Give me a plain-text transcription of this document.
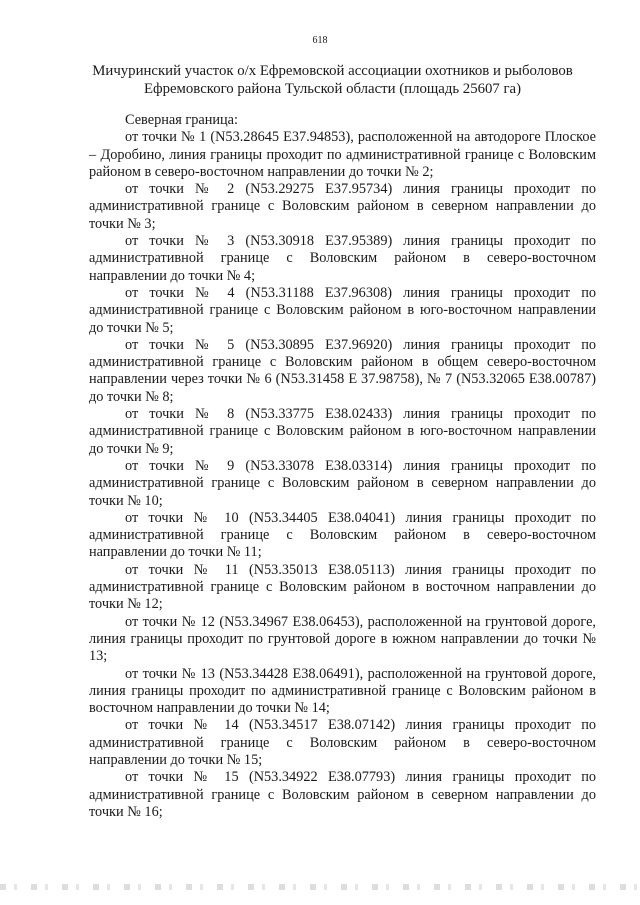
618
Мичуринский участок о/х Ефремовской ассоциации охотников и рыболовов Ефремовского района Тульской области (площадь 25607 га)

Северная граница:

от точки № 1 (N53.28645 E37.94853), расположенной на автодороге Плоское – Доробино, линия границы проходит по административной границе с Воловским районом в северо-восточном направлении до точки № 2;

от точки № 2 (N53.29275 E37.95734) линия границы проходит по административной границе с Воловским районом в северном направлении до точки № 3;

от точки № 3 (N53.30918 E37.95389) линия границы проходит по административной границе с Воловским районом в северо-восточном направлении до точки № 4;

от точки № 4 (N53.31188 E37.96308) линия границы проходит по административной границе с Воловским районом в юго-восточном направлении до точки № 5;

от точки № 5 (N53.30895 E37.96920) линия границы проходит по административной границе с Воловским районом в общем северо-восточном направлении через точки № 6 (N53.31458 E 37.98758), № 7 (N53.32065 E38.00787) до точки № 8;

от точки № 8 (N53.33775 E38.02433) линия границы проходит по административной границе с Воловским районом в юго-восточном направлении до точки № 9;

от точки № 9 (N53.33078 E38.03314) линия границы проходит по административной границе с Воловским районом в северном направлении до точки № 10;

от точки № 10 (N53.34405 E38.04041) линия границы проходит по административной границе с Воловским районом в северо-восточном направлении до точки № 11;

от точки № 11 (N53.35013 E38.05113) линия границы проходит по административной границе с Воловским районом в восточном направлении до точки № 12;

от точки № 12 (N53.34967 E38.06453), расположенной на грунтовой дороге, линия границы проходит по грунтовой дороге в южном направлении до точки № 13;

от точки № 13 (N53.34428 E38.06491), расположенной на грунтовой дороге, линия границы проходит по административной границе с Воловским районом в восточном направлении до точки № 14;

от точки № 14 (N53.34517 E38.07142) линия границы проходит по административной границе с Воловским районом в северо-восточном направлении до точки № 15;

от точки № 15 (N53.34922 E38.07793) линия границы проходит по административной границе с Воловским районом в северном направлении до точки № 16;
